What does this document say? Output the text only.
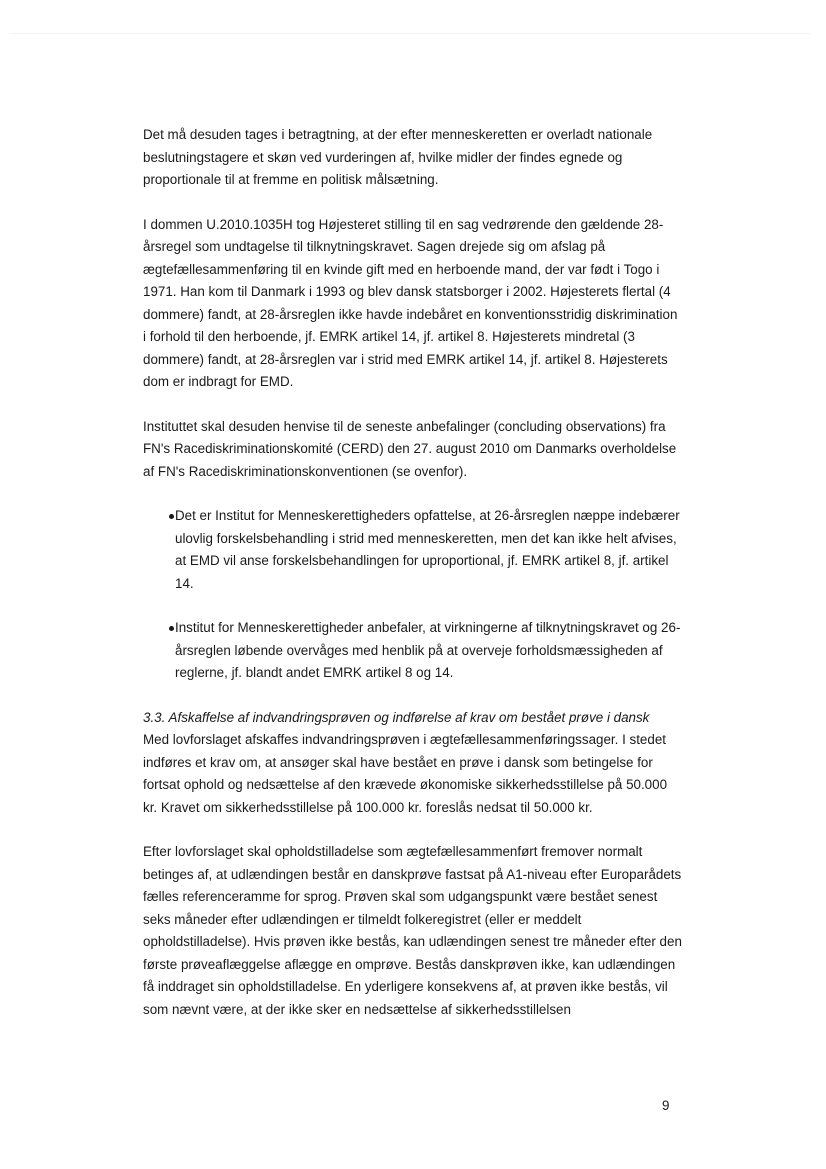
Det må desuden tages i betragtning, at der efter menneskeretten er overladt nationale beslutningstagere et skøn ved vurderingen af, hvilke midler der findes egnede og proportionale til at fremme en politisk målsætning.

I dommen U.2010.1035H tog Højesteret stilling til en sag vedrørende den gældende 28-årsregel som undtagelse til tilknytningskravet. Sagen drejede sig om afslag på ægtefællesammenføring til en kvinde gift med en herboende mand, der var født i Togo i 1971. Han kom til Danmark i 1993 og blev dansk statsborger i 2002. Højesterets flertal (4 dommere) fandt, at 28-årsreglen ikke havde indebåret en konventionsstridig diskrimination i forhold til den herboende, jf. EMRK artikel 14, jf. artikel 8. Højesterets mindretal (3 dommere) fandt, at 28-årsreglen var i strid med EMRK artikel 14, jf. artikel 8. Højesterets dom er indbragt for EMD.

Instituttet skal desuden henvise til de seneste anbefalinger (concluding observations) fra FN's Racediskriminationskomité (CERD) den 27. august 2010 om Danmarks overholdelse af FN's Racediskriminationskonventionen (se ovenfor).

Det er Institut for Menneskerettigheders opfattelse, at 26-årsreglen næppe indebærer ulovlig forskelsbehandling i strid med menneskeretten, men det kan ikke helt afvises, at EMD vil anse forskelsbehandlingen for uproportional, jf. EMRK artikel 8, jf. artikel 14.
Institut for Menneskerettigheder anbefaler, at virkningerne af tilknytningskravet og 26-årsreglen løbende overvåges med henblik på at overveje forholdsmæssigheden af reglerne, jf. blandt andet EMRK artikel 8 og 14.

3.3. Afskaffelse af indvandringsprøven og indførelse af krav om bestået prøve i dansk

Med lovforslaget afskaffes indvandringsprøven i ægtefællesammenføringssager. I stedet indføres et krav om, at ansøger skal have bestået en prøve i dansk som betingelse for fortsat ophold og nedsættelse af den krævede økonomiske sikkerhedsstillelse på 50.000 kr. Kravet om sikkerhedsstillelse på 100.000 kr. foreslås nedsat til 50.000 kr.

Efter lovforslaget skal opholdstilladelse som ægtefællesammenført fremover normalt betinges af, at udlændingen består en danskprøve fastsat på A1-niveau efter Europarådets fælles referenceramme for sprog. Prøven skal som udgangspunkt være bestået senest seks måneder efter udlændingen er tilmeldt folkeregistret (eller er meddelt opholdstilladelse). Hvis prøven ikke bestås, kan udlændingen senest tre måneder efter den første prøveaflæggelse aflægge en omprøve. Bestås danskprøven ikke, kan udlændingen få inddraget sin opholdstilladelse. En yderligere konsekvens af, at prøven ikke bestås, vil som nævnt være, at der ikke sker en nedsættelse af sikkerhedsstillelsen

9
